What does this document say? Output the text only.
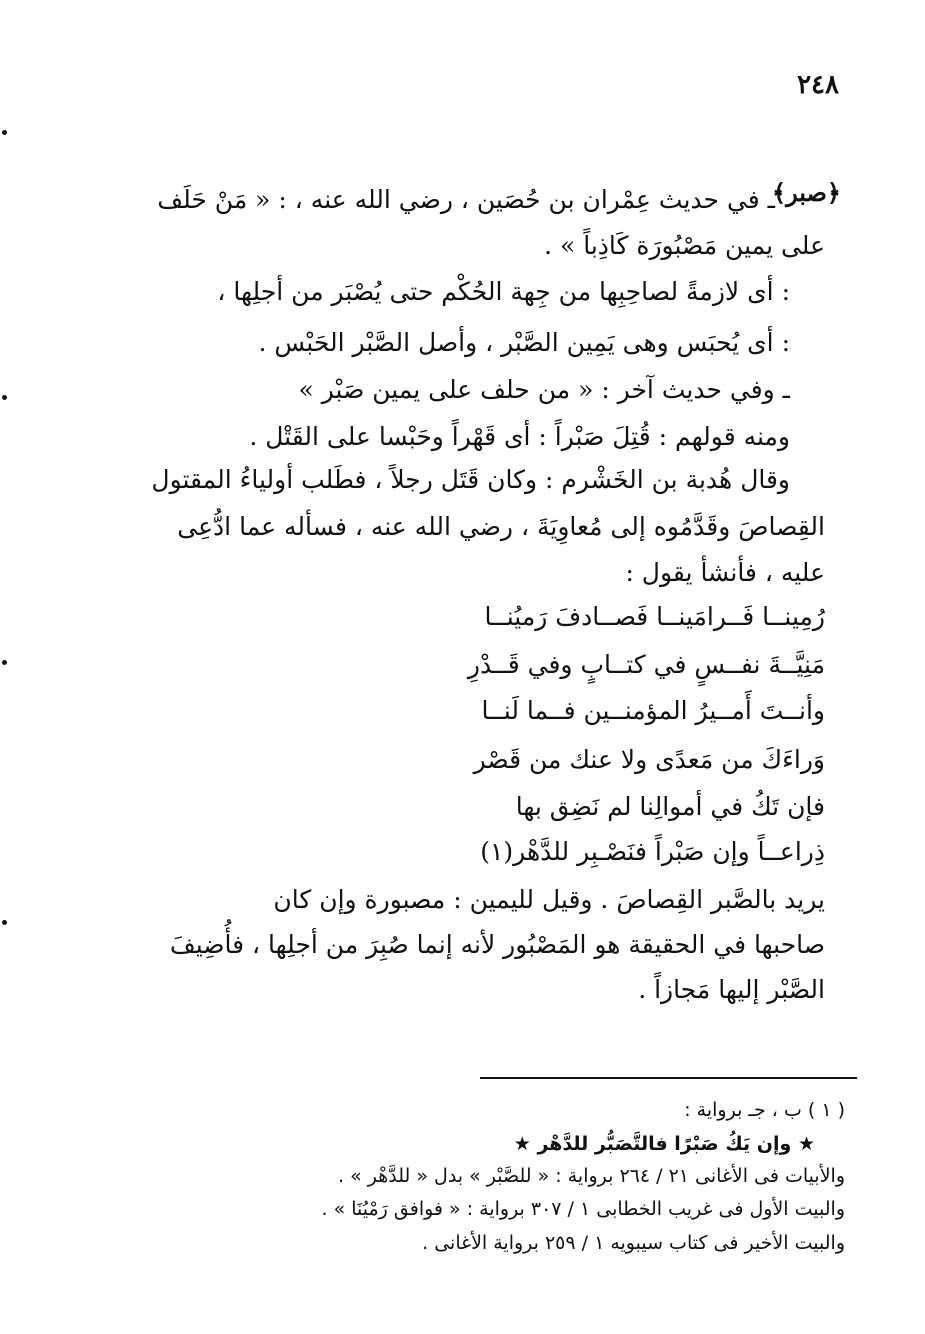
٢٤٨
﴿صبر﴾
ـ في حديث عِمْران بن حُصَين ، رضي الله عنه ، : « مَنْ حَلَف
على يمين مَصْبُورَة كَاذِباً » .
: أى لازمةً لصاحِبِها من جِهة الحُكْم حتى يُصْبَر من أجلِها ،
: أى يُحبَس وهى يَمِين الصَّبْر ، وأصل الصَّبْر الحَبْس .
ـ وفي حديث آخر : « من حلف على يمين صَبْر »
ومنه قولهم : قُتِلَ صَبْراً : أى قَهْراً وحَبْسا على القَتْل .
وقال هُدبة بن الخَشْرم : وكان قَتَل رجلاً ، فطَلب أولياءُ المقتول
القِصاصَ وقَدَّمُوه إلى مُعاوِيَةَ ، رضي الله عنه ، فسأله عما ادُّعِى
عليه ، فأنشأ يقول :
رُمِينــا فَــرامَينــا فَصــادفَ رَميُنــا
مَنِيَّــةَ نفــسٍ في كتــابٍ وفي قَــدْرِ
وأنــتَ أَمــيرُ المؤمنــين فــما لَنــا
وَراءَكَ من مَعدًى ولا عنك من قَصْر
فإن تَكُ في أموالِنا لم نَضِق بها
ذِراعــاً وإن صَبْراً فنَصْـبِر للدَّهْر(١)
يريد بالصَّبر القِصاصَ . وقيل لليمين : مصبورة وإن كان
صاحبها في الحقيقة هو المَصْبُور لأنه إنما صُبِرَ من أجلِها ، فأُضِيفَ
الصَّبْر إليها مَجازاً .
( ١ ) ب ، جـ برواية :
★ وإن يَكُ صَبْرًا فالتَّصَبُّر للدَّهْر ★
والأبيات فى الأغانى ٢١ / ٢٦٤ برواية : « للصَّبْر » بدل « للدَّهْر » .
والبيت الأول فى غريب الخطابى ١ / ٣٠٧ برواية : « فوافق رَمْيُنَا » .
والبيت الأخير فى كتاب سيبويه ١ / ٢٥٩ برواية الأغانى .
